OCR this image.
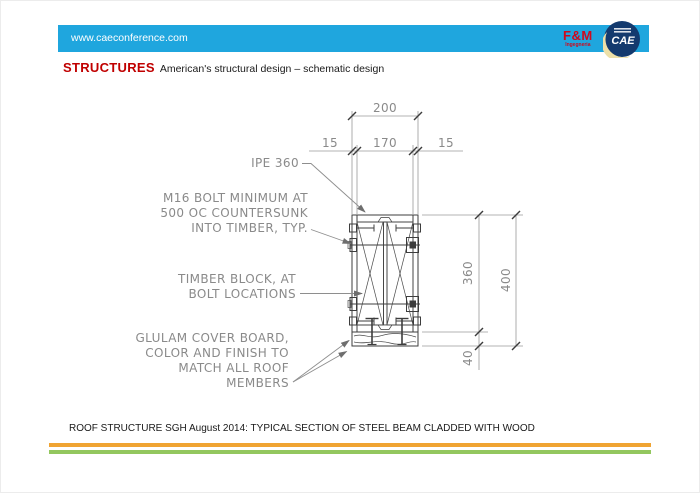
www.caeconference.com	F&M
Ingegneria CAE
STRUCTURES American's structural design – schematic design
200
15	170	15
360 400
40
IPE 360
M16 BOLT MINIMUM AT
500 OC COUNTERSUNK
INTO TIMBER, TYP.
TIMBER BLOCK, AT
BOLT LOCATIONS
GLULAM COVER BOARD,
COLOR AND FINISH TO
MATCH ALL ROOF
MEMBERS
ROOF STRUCTURE SGH August 2014: TYPICAL SECTION OF STEEL BEAM CLADDED WITH WOOD
